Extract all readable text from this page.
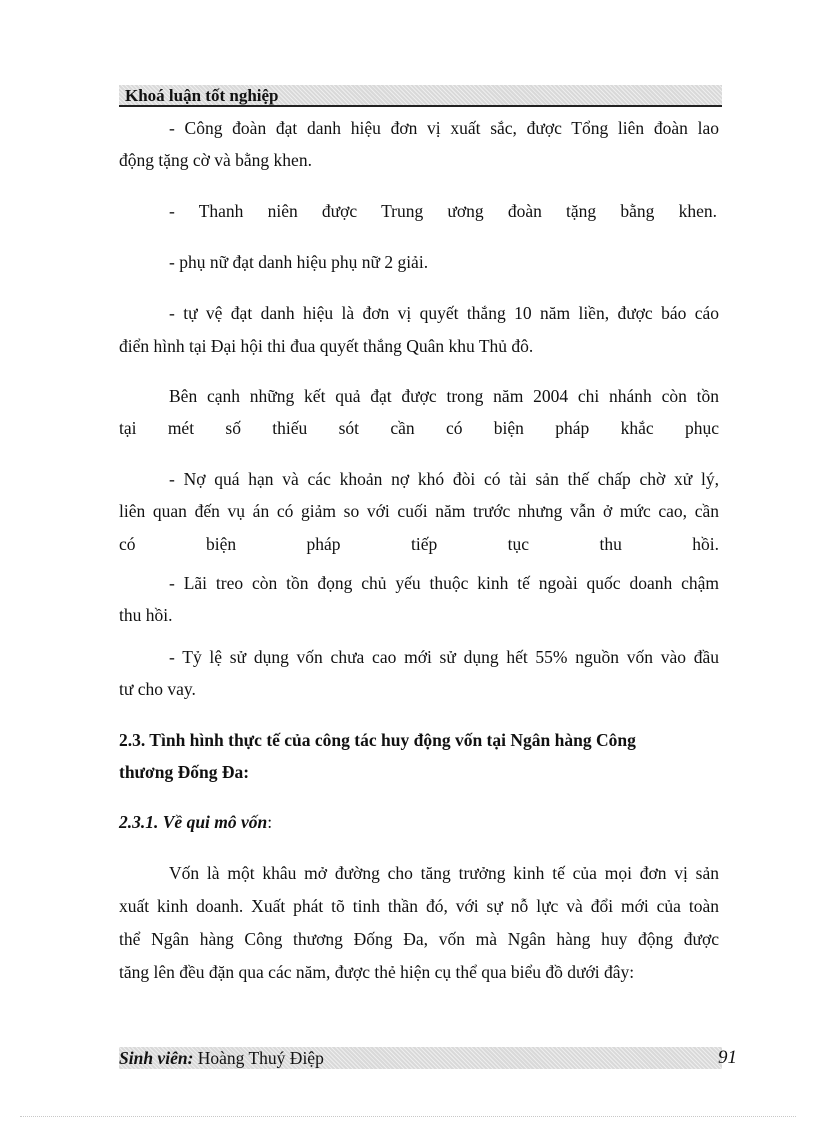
Khoá luận tốt nghiệp
- Công đoàn đạt danh hiệu đơn vị xuất sắc, được Tổng liên đoàn lao
động tặng cờ và bằng khen.
- Thanh niên được Trung ương đoàn tặng bằng khen.
- phụ nữ đạt danh hiệu phụ nữ 2 giải.
- tự vệ đạt danh hiệu là đơn vị quyết thắng 10 năm liền, được báo cáo
điển hình tại Đại hội thi đua quyết thắng Quân khu Thủ đô.
Bên cạnh những kết quả đạt được trong năm 2004 chi nhánh còn tồn
tại mét số thiếu sót cần có biện pháp khắc phục
- Nợ quá hạn và các khoản nợ khó đòi có tài sản thế chấp chờ xử lý,
liên quan đến vụ án có giảm so với cuối năm trước nhưng vẫn ở mức cao, cần
có biện pháp tiếp tục thu hồi.
- Lãi treo còn tồn đọng chủ yếu thuộc kinh tế ngoài quốc doanh chậm
thu hồi.
- Tỷ lệ sử dụng vốn chưa cao mới sử dụng hết 55% nguồn vốn vào đầu
tư cho vay.
2.3. Tình hình thực tế của công tác huy động vốn tại Ngân hàng Công
thương Đống Đa:
2.3.1. Về qui mô vốn:
Vốn là một khâu mở đường cho tăng trưởng kinh tế của mọi đơn vị sản
xuất kinh doanh. Xuất phát tõ tinh thần đó, với sự nỗ lực và đổi mới của toàn
thể Ngân hàng Công thương Đống Đa, vốn mà Ngân hàng huy động được
tăng lên đều đặn qua các năm, được thẻ hiện cụ thể qua biểu đồ dưới đây:
Sinh viên: Hoàng Thuý Điệp	91
